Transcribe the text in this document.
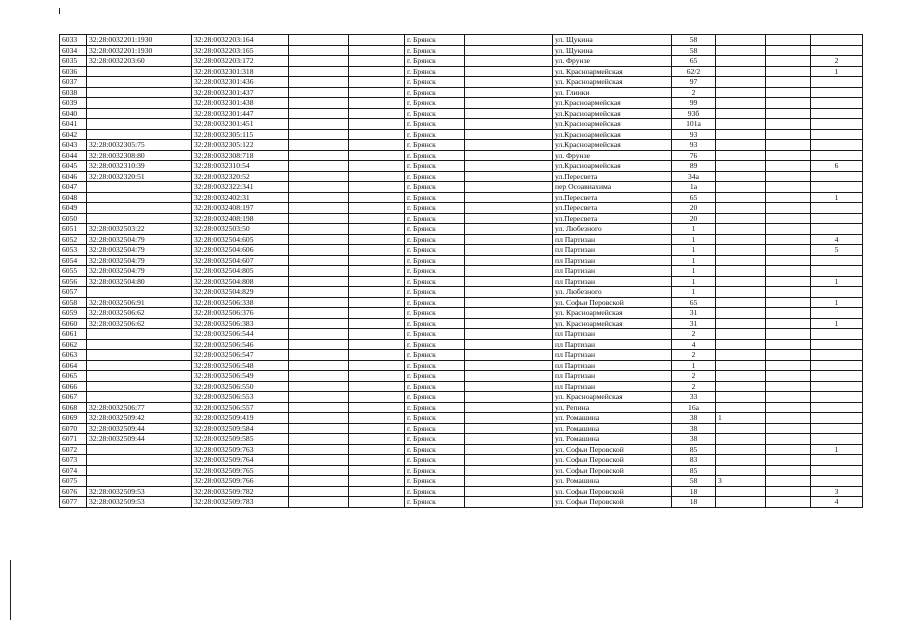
6033	32:28:0032201:1930	32:28:0032203:164			г. Брянск		ул. Щукина	58			
6034	32:28:0032201:1930	32:28:0032203:165			г. Брянск		ул. Щукина	58			
6035	32:28:0032203:60	32:28:0032203:172			г. Брянск		ул. Фрунзе	65			2
6036		32:28:0032301:318			г. Брянск		ул. Красноармейская	62/2			1
6037		32:28:0032301:436			г. Брянск		ул. Красноармейская	97			
6038		32:28:0032301:437			г. Брянск		ул. Глинки	2			
6039		32:28:0032301:438			г. Брянск		ул.Красноармейская	99			
6040		32:28:0032301:447			г. Брянск		ул.Красноармейская	93б			
6041		32:28:0032301:451			г. Брянск		ул.Красноармейская	101а			
6042		32:28:0032305:115			г. Брянск		ул.Красноармейская	93			
6043	32:28:0032305:75	32:28:0032305:122			г. Брянск		ул.Красноармейская	93			
6044	32:28:0032308:80	32:28:0032308:718			г. Брянск		ул. Фрунзе	76			
6045	32:28:0032310:39	32:28:0032310:54			г. Брянск		ул.Красноармейская	89			6
6046	32:28:0032320:51	32:28:0032320:52			г. Брянск		ул.Пересвета	34а			
6047		32:28:0032322:341			г. Брянск		пер Осоавиахима	1а			
6048		32:28:0032402:31			г. Брянск		ул.Пересвета	65			1
6049		32:28:0032408:197			г. Брянск		ул.Пересвета	20			
6050		32:28:0032408:198			г. Брянск		ул.Пересвета	20			
6051	32:28:0032503:22	32:28:0032503:50			г. Брянск		ул. Любезного	1			
6052	32:28:0032504:79	32:28:0032504:605			г. Брянск		пл Партизан	1			4
6053	32:28:0032504:79	32:28:0032504:606			г. Брянск		пл Партизан	1			5
6054	32:28:0032504:79	32:28:0032504:607			г. Брянск		пл Партизан	1			
6055	32:28:0032504:79	32:28:0032504:805			г. Брянск		пл Партизан	1			
6056	32:28:0032504:80	32:28:0032504:808			г. Брянск		пл Партизан	1			1
6057		32:28:0032504:829			г. Брянск		ул. Любезного	1			
6058	32:28:0032506:91	32:28:0032506:338			г. Брянск		ул. Софьи Перовской	65			1
6059	32:28:0032506:62	32:28:0032506:376			г. Брянск		ул. Красноармейская	31			
6060	32:28:0032506:62	32:28:0032506:383			г. Брянск		ул. Красноармейская	31			1
6061		32:28:0032506:544			г. Брянск		пл Партизан	2			
6062		32:28:0032506:546			г. Брянск		пл Партизан	4			
6063		32:28:0032506:547			г. Брянск		пл Партизан	2			
6064		32:28:0032506:548			г. Брянск		пл Партизан	1			
6065		32:28:0032506:549			г. Брянск		пл Партизан	2			
6066		32:28:0032506:550			г. Брянск		пл Партизан	2			
6067		32:28:0032506:553			г. Брянск		ул. Красноармейская	33			
6068	32:28:0032506:77	32:28:0032506:557			г. Брянск		ул. Репина	16а			
6069	32:28:0032509:42	32:28:0032509:419			г. Брянск		ул. Ромашина	38	1		
6070	32:28:0032509:44	32:28:0032509:584			г. Брянск		ул. Ромашина	38			
6071	32:28:0032509:44	32:28:0032509:585			г. Брянск		ул. Ромашина	38			
6072		32:28:0032509:763			г. Брянск		ул. Софьи Перовской	85			1
6073		32:28:0032509:764			г. Брянск		ул. Софьи Перовской	83			
6074		32:28:0032509:765			г. Брянск		ул. Софьи Перовской	85			
6075		32:28:0032509:766			г. Брянск		ул. Ромашина	58	3		
6076	32:28:0032509:53	32:28:0032509:782			г. Брянск		ул. Софьи Перовской	18			3
6077	32:28:0032509:53	32:28:0032509:783			г. Брянск		ул. Софьи Перовской	18			4
